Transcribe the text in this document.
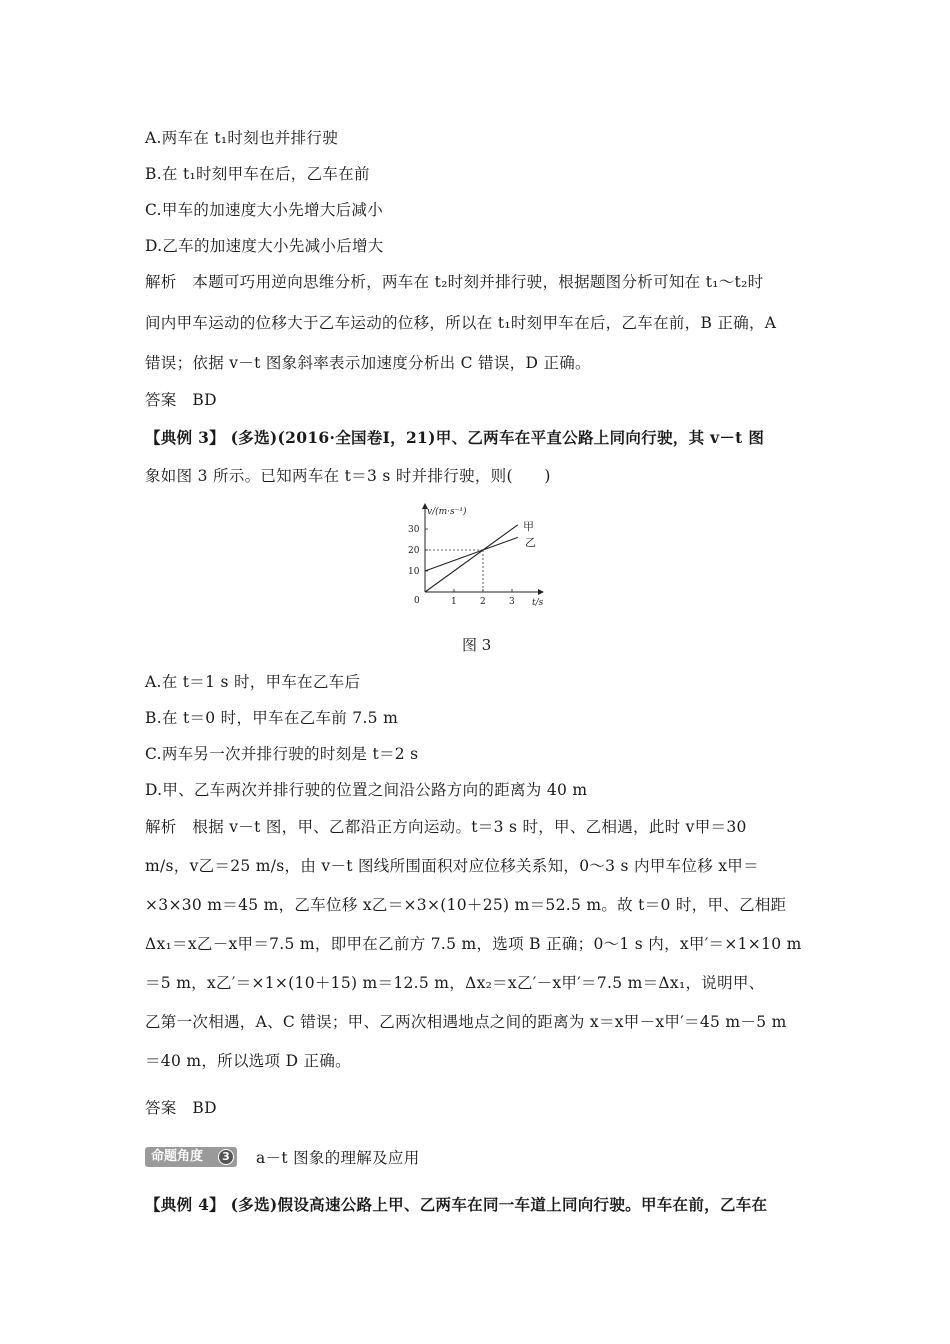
A.两车在 t₁时刻也并排行驶
B.在 t₁时刻甲车在后，乙车在前
C.甲车的加速度大小先增大后减小
D.乙车的加速度大小先减小后增大
解析　本题可巧用逆向思维分析，两车在 t₂时刻并排行驶，根据题图分析可知在 t₁～t₂时
间内甲车运动的位移大于乙车运动的位移，所以在 t₁时刻甲车在后，乙车在前，B 正确，A
错误；依据 v－t 图象斜率表示加速度分析出 C 错误，D 正确。
答案　BD
【典例 3】 (多选)(2016·全国卷Ⅰ，21)甲、乙两车在平直公路上同向行驶，其 v－t 图
象如图 3 所示。已知两车在 t＝3 s 时并排行驶，则(　　)
v/(m·s⁻¹)
t/s
0
10
20
30
1	2	3
甲
乙
图 3
A.在 t＝1 s 时，甲车在乙车后
B.在 t＝0 时，甲车在乙车前 7.5 m
C.两车另一次并排行驶的时刻是 t＝2 s
D.甲、乙车两次并排行驶的位置之间沿公路方向的距离为 40 m
解析　根据 v－t 图，甲、乙都沿正方向运动。t＝3 s 时，甲、乙相遇，此时 v甲＝30
m/s，v乙＝25 m/s，由 v－t 图线所围面积对应位移关系知，0～3 s 内甲车位移 x甲＝
×3×30 m＝45 m，乙车位移 x乙＝×3×(10＋25) m＝52.5 m。故 t＝0 时，甲、乙相距
Δx₁＝x乙－x甲＝7.5 m，即甲在乙前方 7.5 m，选项 B 正确；0～1 s 内，x甲′＝×1×10 m
＝5 m，x乙′＝×1×(10＋15) m＝12.5 m，Δx₂＝x乙′－x甲′＝7.5 m＝Δx₁，说明甲、
乙第一次相遇，A、C 错误；甲、乙两次相遇地点之间的距离为 x＝x甲－x甲′＝45 m－5 m
＝40 m，所以选项 D 正确。
答案　BD
命题角度	3 a－t 图象的理解及应用
【典例 4】 (多选)假设高速公路上甲、乙两车在同一车道上同向行驶。甲车在前，乙车在
